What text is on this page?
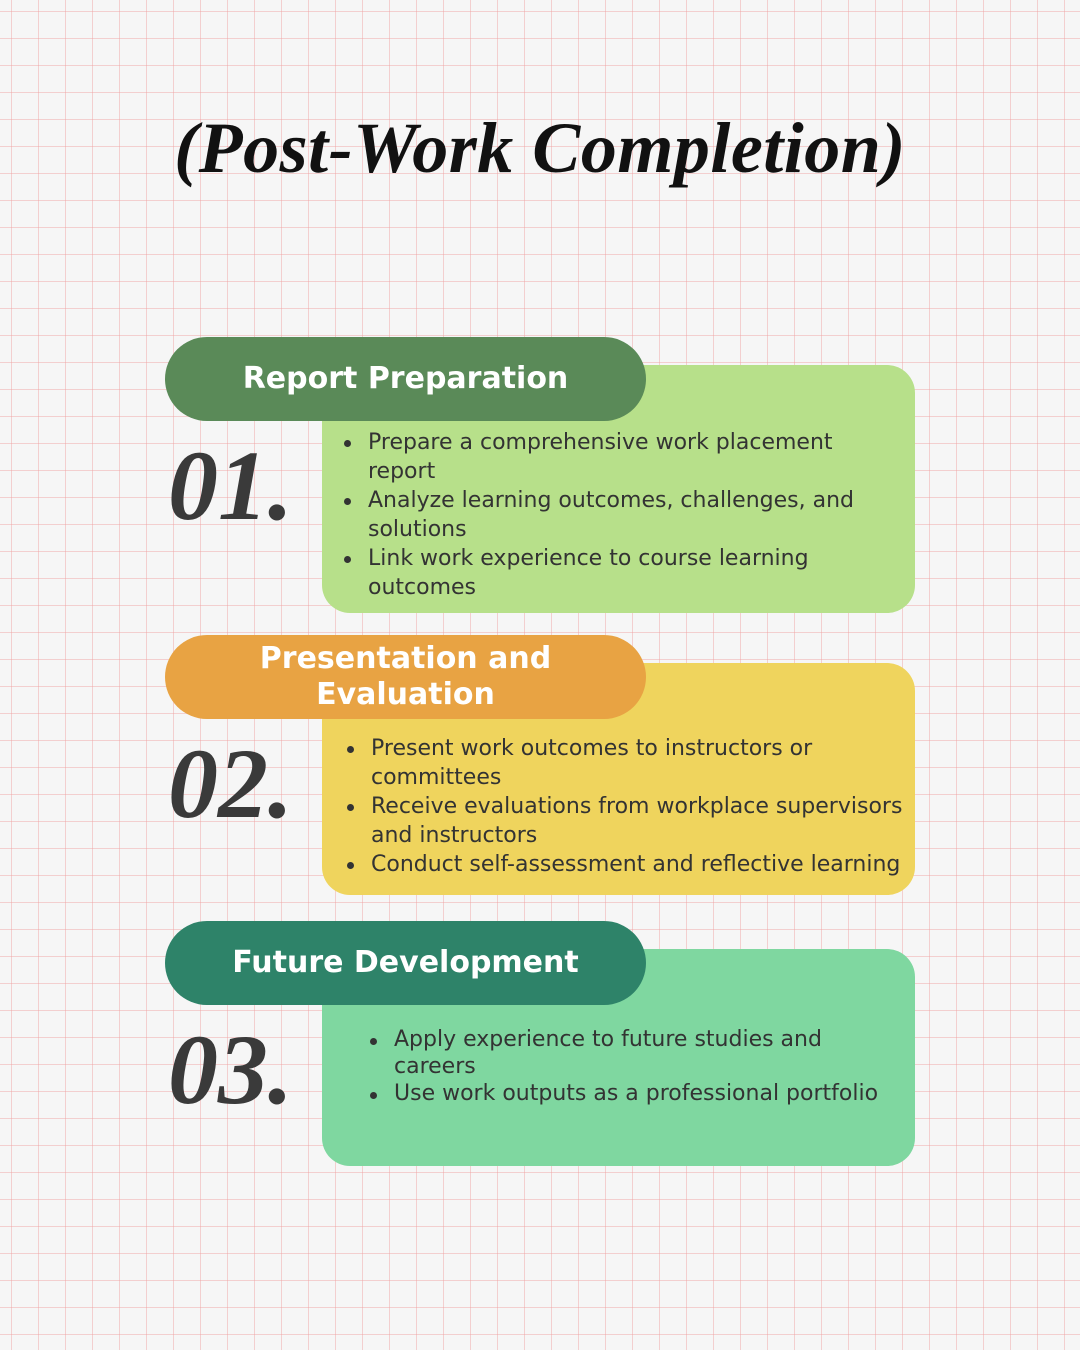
(Post-Work Completion)
Report Preparation
01.	Prepare a comprehensive work placement report
Analyze learning outcomes, challenges, and solutions
Link work experience to course learning outcomes
Presentation and Evaluation
02.	Present work outcomes to instructors or committees
Receive evaluations from workplace supervisors and instructors
Conduct self-assessment and reflective learning
Future Development
03.	Apply experience to future studies and careers
Use work outputs as a professional portfolio
